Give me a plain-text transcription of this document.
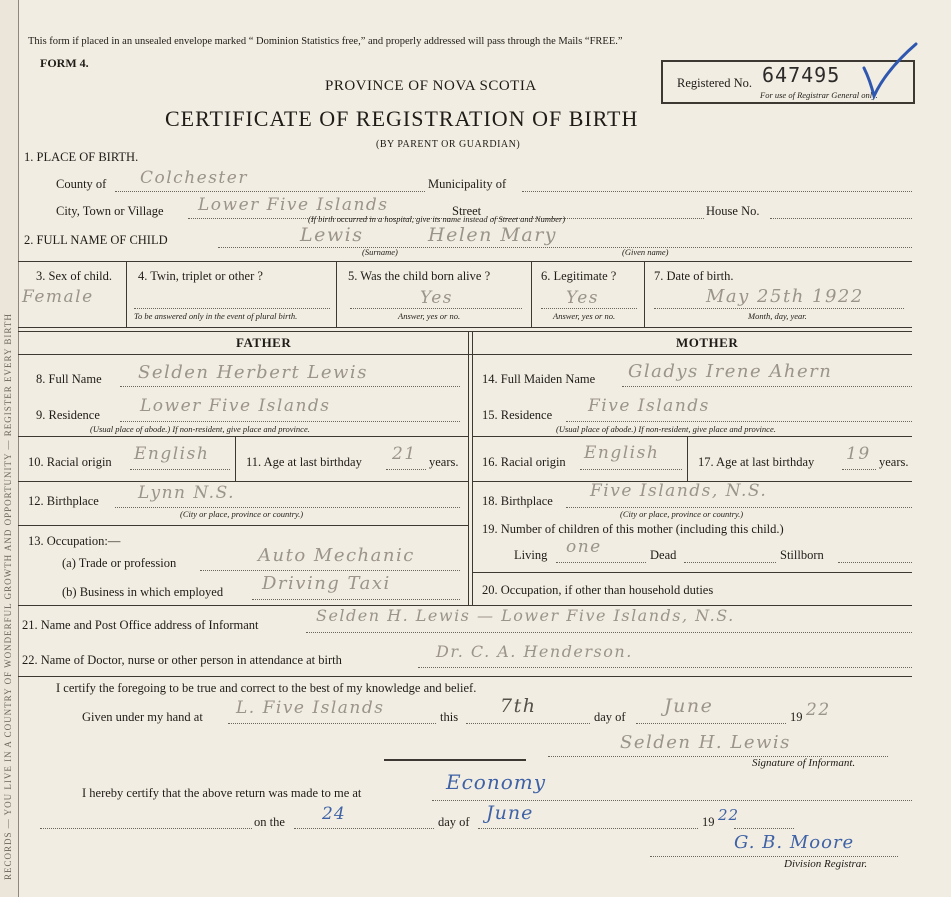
RECORDS — YOU LIVE IN A COUNTRY OF WONDERFUL GROWTH AND OPPORTUNITY — REGISTER EVERY BIRTH
This form if placed in an unsealed envelope marked “ Dominion Statistics free,” and properly addressed will pass through the Mails “FREE.”
FORM 4.
PROVINCE OF NOVA SCOTIA
CERTIFICATE OF REGISTRATION OF BIRTH
(BY PARENT OR GUARDIAN)
Registered No. 647495
For use of Registrar General only.
1. PLACE OF BIRTH.
County of Colchester	Municipality of
City, Town or Village Lower Five Islands	Street	House No.
(If birth occurred in a hospital, give its name instead of Street and Number)
2. FULL NAME OF CHILD	Lewis	Helen Mary
(Surname)	(Given name)
3. Sex of child.
Female
4. Twin, triplet or other ?
To be answered only in the event of plural birth.
5. Was the child born alive ?
Yes
Answer, yes or no.
6. Legitimate ?
Yes
Answer, yes or no.
7. Date of birth.
May 25th 1922
Month, day, year.
FATHER	MOTHER
8. Full Name Selden Herbert Lewis
9. Residence Lower Five Islands
(Usual place of abode.) If non-resident, give place and province.
10. Racial origin English	11. Age at last birthday 21 years.
12. Birthplace Lynn N.S.
(City or place, province or country.)
13. Occupation:—
(a) Trade or profession	Auto Mechanic
(b) Business in which employed Driving Taxi
14. Full Maiden Name Gladys Irene Ahern
15. Residence Five Islands
(Usual place of abode.) If non-resident, give place and province.
16. Racial origin English	17. Age at last birthday 19 years.
18. Birthplace Five Islands, N.S.
(City or place, province or country.)
19. Number of children of this mother (including this child.)
Living one	Dead	Stillborn
20. Occupation, if other than household duties
21. Name and Post Office address of Informant	Selden H. Lewis — Lower Five Islands, N.S.
22. Name of Doctor, nurse or other person in attendance at birth	Dr. C. A. Henderson.
I certify the foregoing to be true and correct to the best of my knowledge and belief.
Given under my hand at L. Five Islands	this 7th	day of June	19 22
Selden H. Lewis
Signature of Informant.
I hereby certify that the above return was made to me at	Economy
on the 24	day of June	19 22
G. B. Moore
Division Registrar.
